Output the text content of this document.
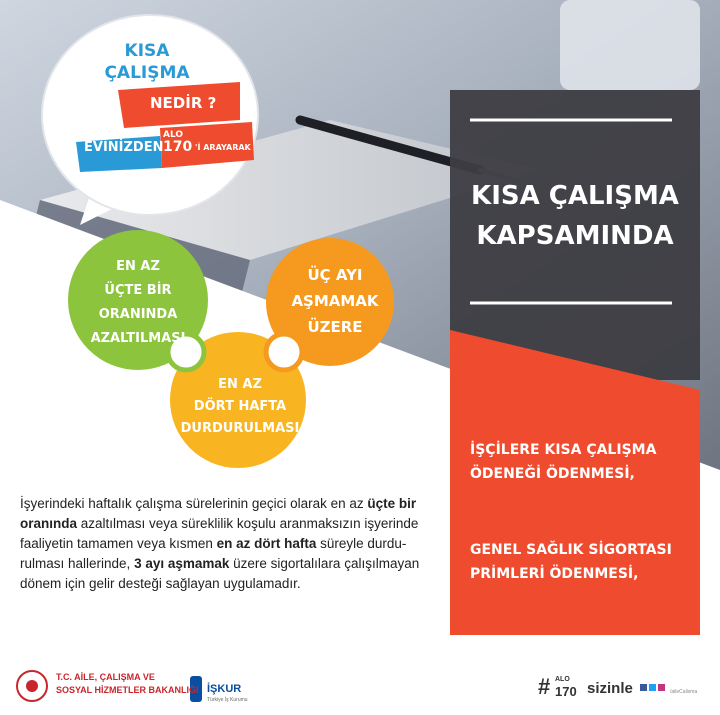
KISA
ÇALIŞMA

NEDİR ?

EVİNİZDEN

ALO
170 'İ ARAYARAK

EN AZ
ÜÇTE BİR
ORANINDA
AZALTILMASI

ÜÇ AYI
AŞMAMAK
ÜZERE

EN AZ
DÖRT HAFTA
DURDURULMASI

KISA ÇALIŞMA
KAPSAMINDA

İŞÇİLERE KISA ÇALIŞMA
ÖDENEĞİ ÖDENMESİ,

GENEL SAĞLIK SİGORTASI
PRİMLERİ ÖDENMESİ,

İşyerindeki haftalık çalışma sürelerinin geçici olarak en az üçte bir
oranında azaltılması veya süreklilik koşulu aranmaksızın işyerinde
faaliyetin tamamen veya kısmen en az dört hafta süreyle durdu-
rulması hallerinde, 3 ayı aşmamak üzere sigortalılara çalışılmayan
dönem için gelir desteği sağlayan uygulamadır.

T.C. AİLE, ÇALIŞMA VE

SOSYAL HİZMETLER BAKANLIĞI İŞKUR

Türkiye İş Kurumu

# ALO

170 sizinle	/aileCalisma
